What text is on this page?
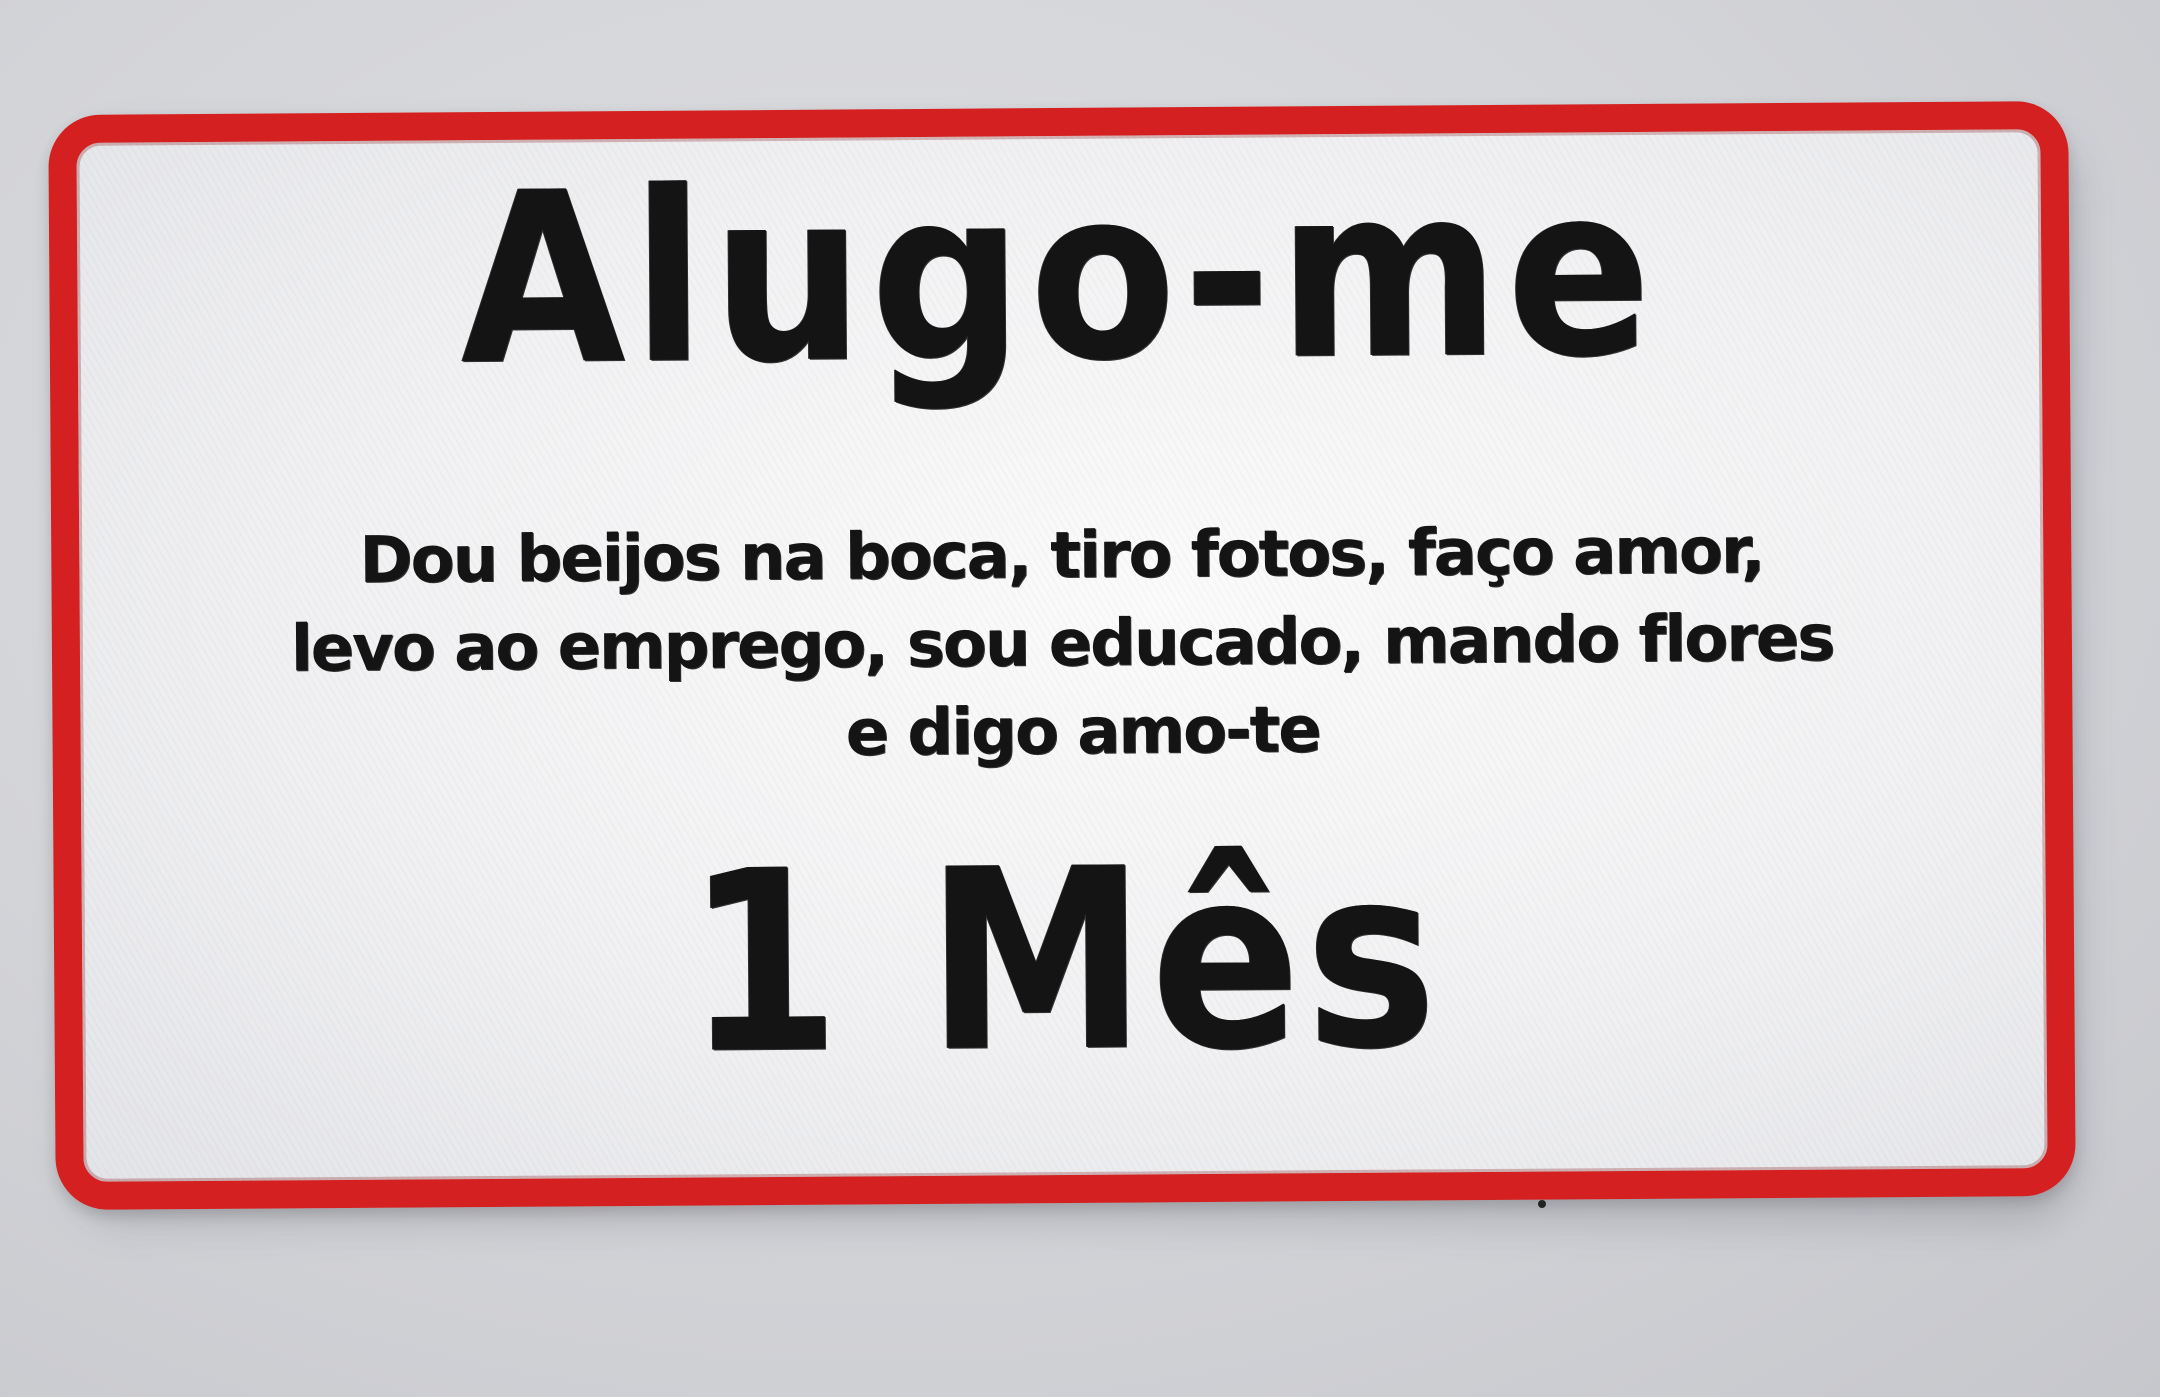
Alugo-me
Dou beijos na boca, tiro fotos, faço amor,
levo ao emprego, sou educado, mando flores
e digo amo-te
1 Mês
